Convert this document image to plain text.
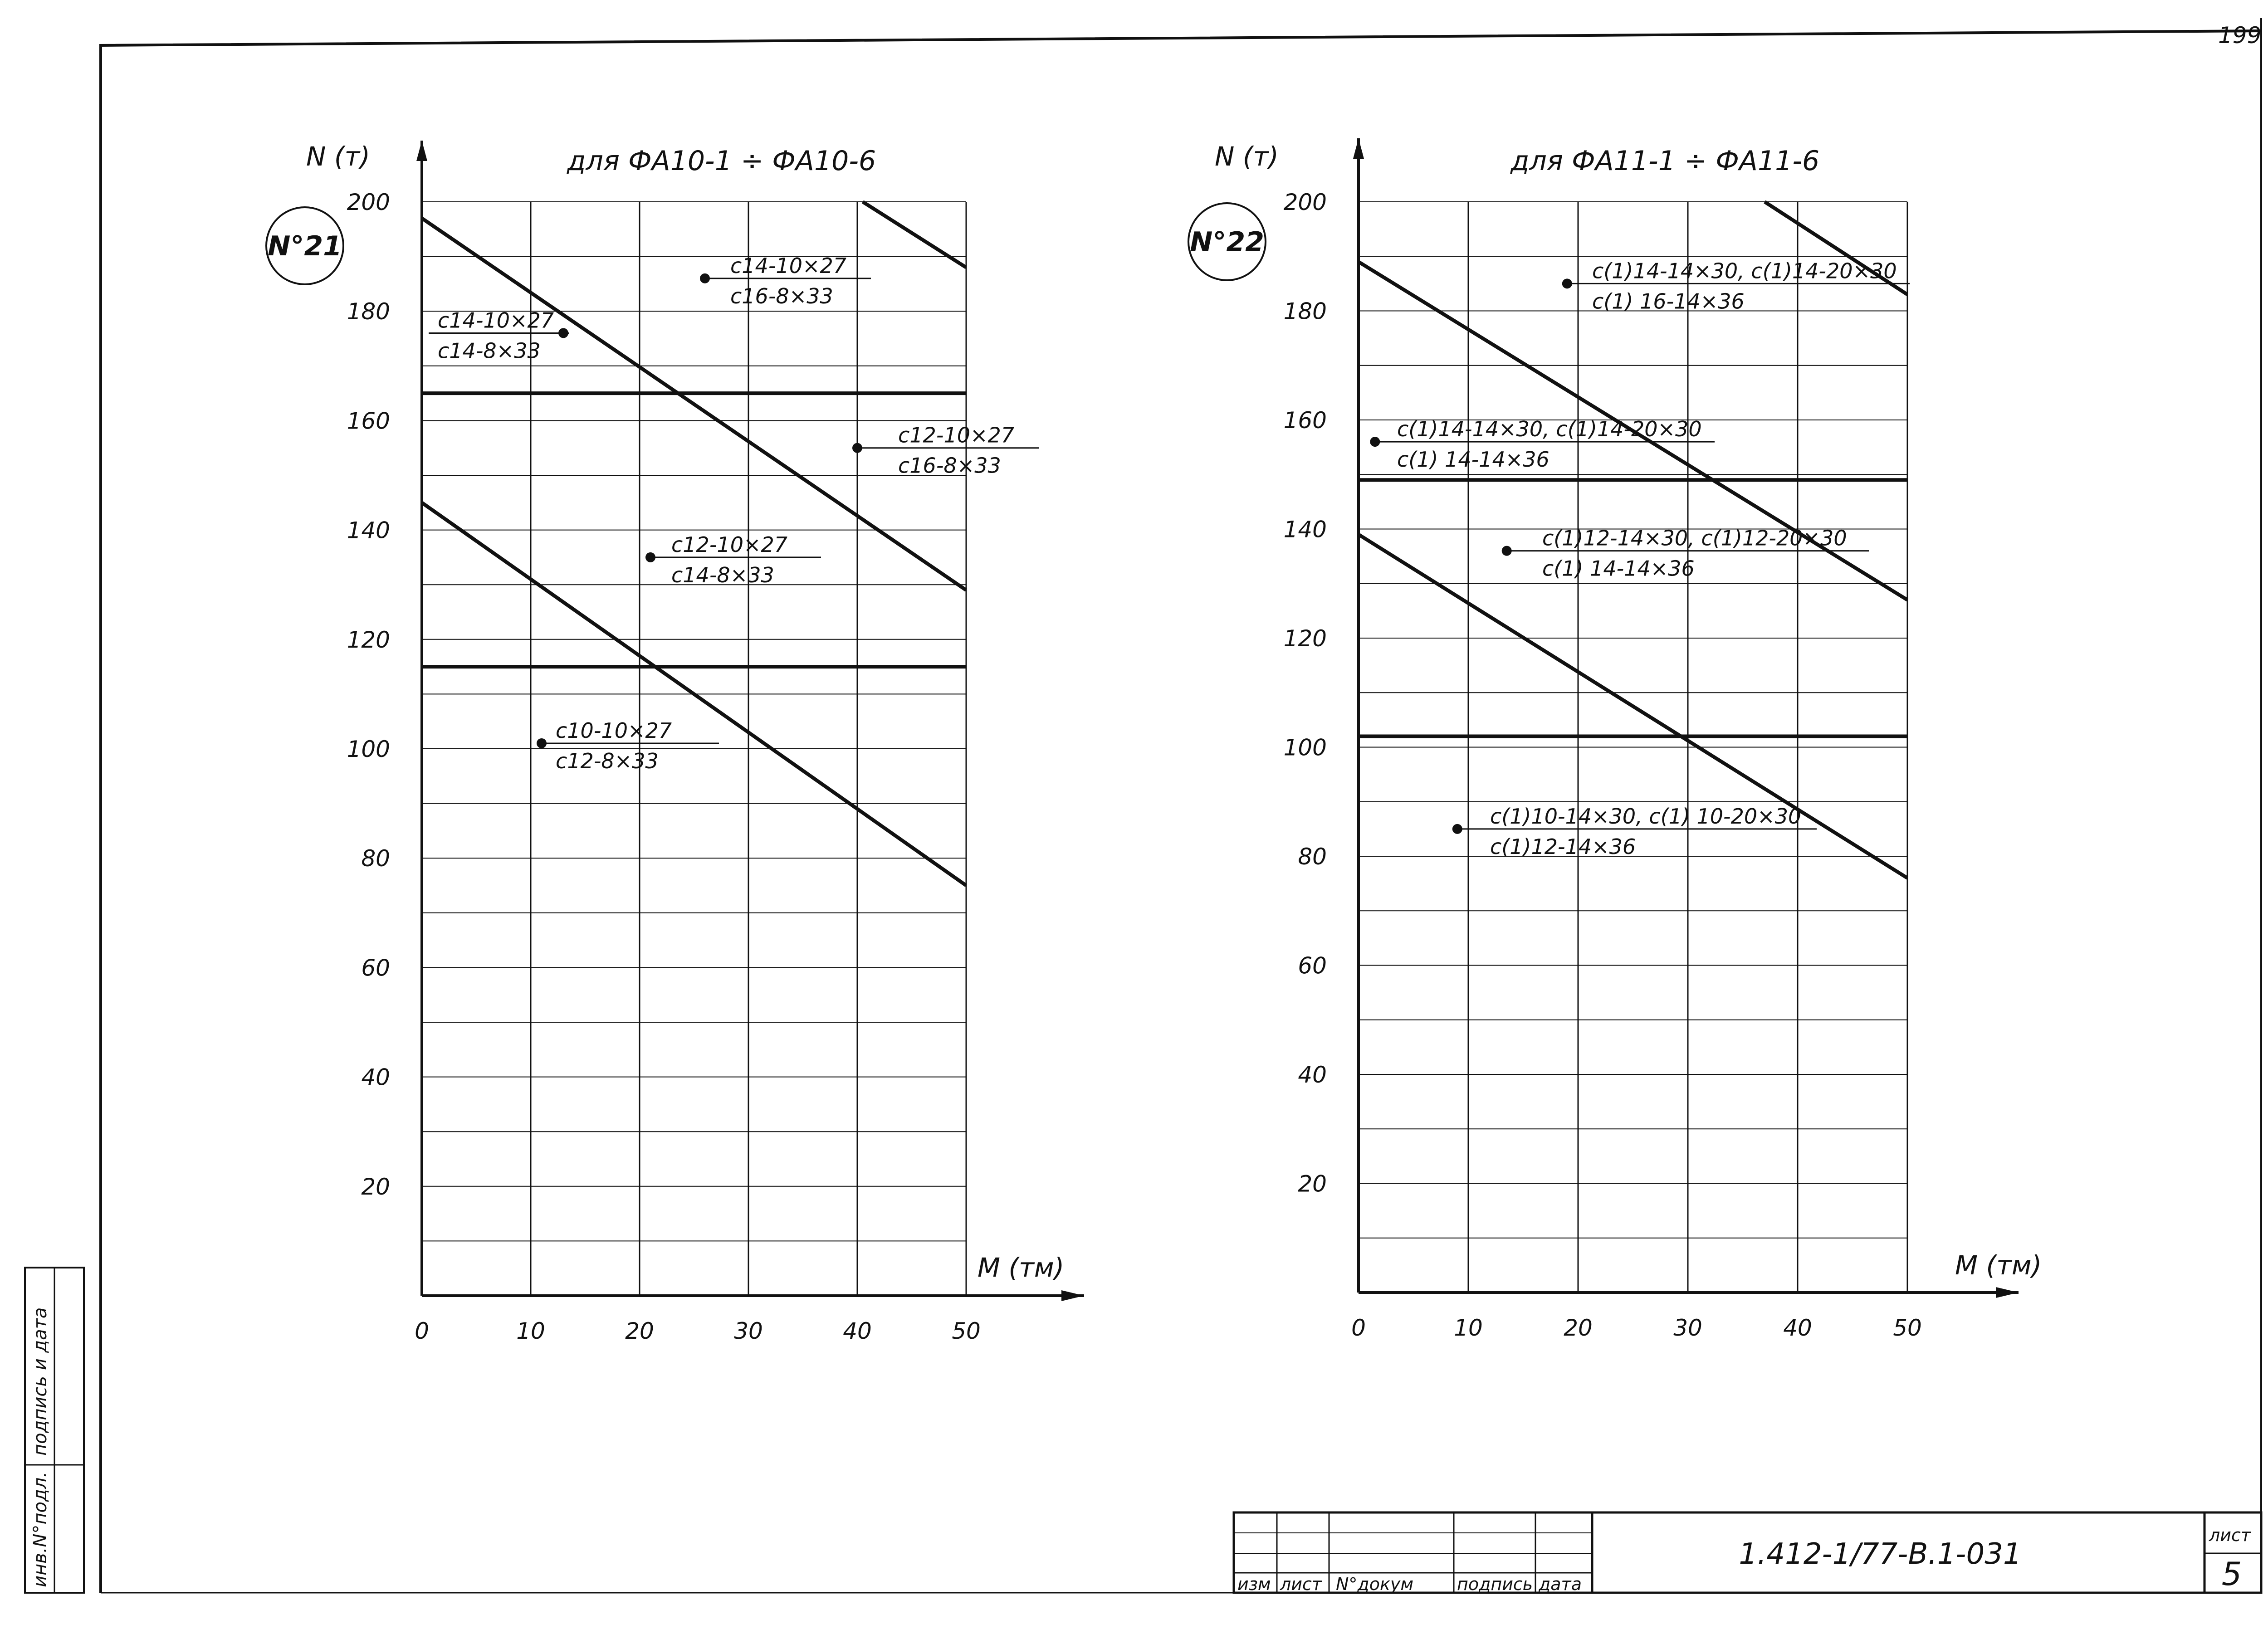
199
с14-10×27
с14-8×33
с14-10×27
с16-8×33
с12-10×27
с16-8×33
с12-10×27
с14-8×33
с10-10×27
с12-8×33
20
40
60
80
100
120
140
160
180
200
0	10	20	30	40	50
для ФА10-1 ÷ ФА10-6
N (т)
M (тм)
N°21
с(1)14-14×30, с(1)14-20×30
с(1) 16-14×36
с(1)14-14×30, с(1)14-20×30
с(1) 14-14×36
с(1)12-14×30, с(1)12-20×30
с(1) 14-14×36
с(1)10-14×30, с(1) 10-20×30
с(1)12-14×36
20
40
60
80
100
120
140
160
180
200
0	10	20	30	40	50
для ФА11-1 ÷ ФА11-6
N (т)
M (тм)
N°22
изм лист N°докум	подпись дата
1.412-1/77-В.1-031
лист
5
подпись и дата
инв.N°подл.
